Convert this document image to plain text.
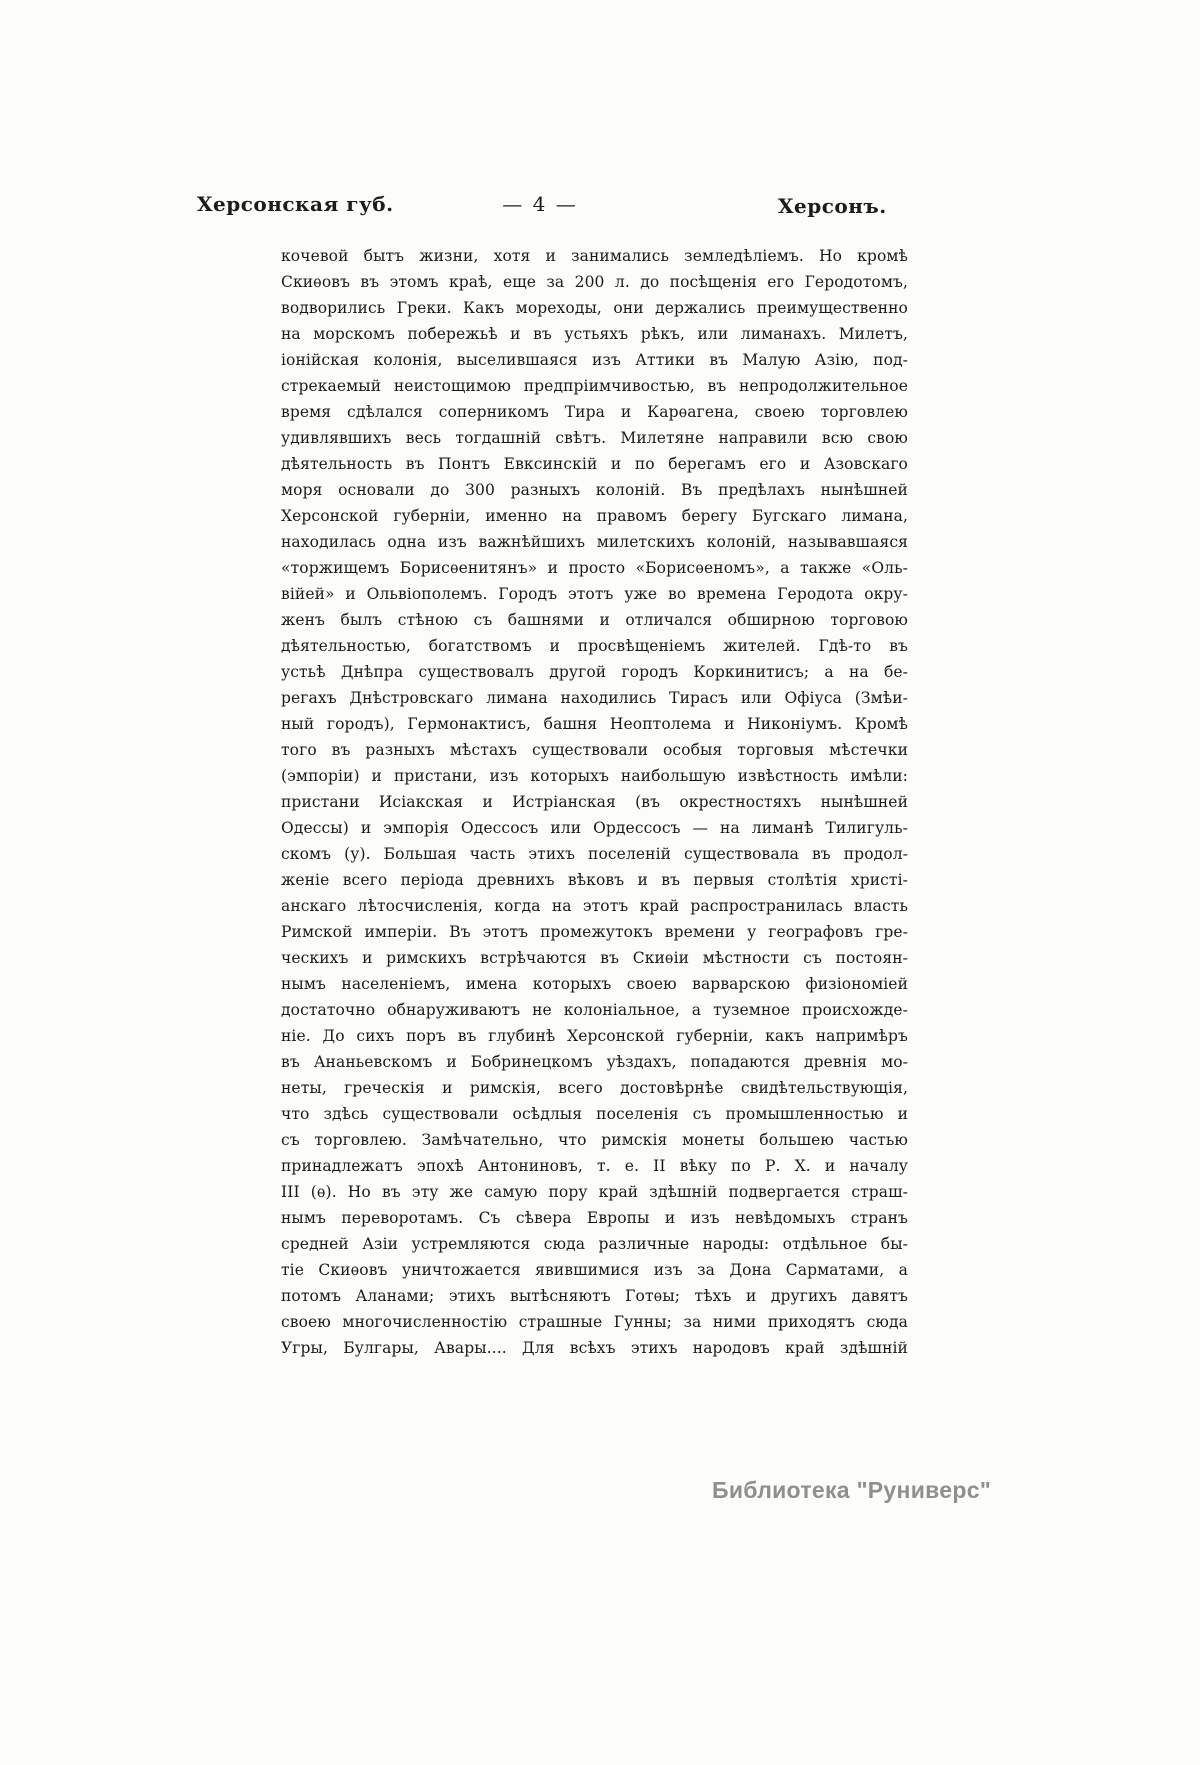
Херсонская губ.	— 4 —	Херсонъ.
кочевой бытъ жизни, хотя и занимались земледѣліемъ. Но кромѣ
Скиѳовъ въ этомъ краѣ, еще за 200 л. до посѣщенія его Геродотомъ,
водворились Греки. Какъ мореходы, они держались преимущественно
на морскомъ побережьѣ и въ устьяхъ рѣкъ, или лиманахъ. Милетъ,
іонійская колонія, выселившаяся изъ Аттики въ Малую Азію, под-
стрекаемый неистощимою предпріимчивостью, въ непродолжительное
время сдѣлался соперникомъ Тира и Карѳагена, своею торговлею
удивлявшихъ весь тогдашній свѣтъ. Милетяне направили всю свою
дѣятельность въ Понтъ Евксинскій и по берегамъ его и Азовскаго
моря основали до 300 разныхъ колоній. Въ предѣлахъ нынѣшней
Херсонской губерніи, именно на правомъ берегу Бугскаго лимана,
находилась одна изъ важнѣйшихъ милетскихъ колоній, называвшаяся
«торжищемъ Борисѳенитянъ» и просто «Борисѳеномъ», а также «Оль-
війей» и Ольвіополемъ. Городъ этотъ уже во времена Геродота окру-
женъ былъ стѣною съ башнями и отличался обширною торговою
дѣятельностью, богатствомъ и просвѣщеніемъ жителей. Гдѣ-то въ
устьѣ Днѣпра существовалъ другой городъ Коркинитисъ; а на бе-
регахъ Днѣстровскаго лимана находились Тирасъ или Офіуса (Змѣи-
ный городъ), Гермонактисъ, башня Неоптолема и Никоніумъ. Кромѣ
того въ разныхъ мѣстахъ существовали особыя торговыя мѣстечки
(эмпоріи) и пристани, изъ которыхъ наибольшую извѣстность имѣли:
пристани Исіакская и Истріанская (въ окрестностяхъ нынѣшней
Одессы) и эмпорія Одессосъ или Ордессосъ — на лиманѣ Тилигуль-
скомъ (у). Большая часть этихъ поселеній существовала въ продол-
женіе всего періода древнихъ вѣковъ и въ первыя столѣтія христі-
анскаго лѣтосчисленія, когда на этотъ край распространилась власть
Римской имперіи. Въ этотъ промежутокъ времени у географовъ гре-
ческихъ и римскихъ встрѣчаются въ Скиѳіи мѣстности съ постоян-
нымъ населеніемъ, имена которыхъ своею варварскою физіономіей
достаточно обнаруживаютъ не колоніальное, а туземное происхожде-
ніе. До сихъ поръ въ глубинѣ Херсонской губерніи, какъ напримѣръ
въ Ананьевскомъ и Бобринецкомъ уѣздахъ, попадаются древнія мо-
неты, греческія и римскія, всего достовѣрнѣе свидѣтельствующія,
что здѣсь существовали осѣдлыя поселенія съ промышленностью и
съ торговлею. Замѣчательно, что римскія монеты большею частью
принадлежатъ эпохѣ Антониновъ, т. е. II вѣку по Р. Х. и началу
III (ѳ). Но въ эту же самую пору край здѣшній подвергается страш-
нымъ переворотамъ. Съ сѣвера Европы и изъ невѣдомыхъ странъ
средней Азіи устремляются сюда различные народы: отдѣльное бы-
тіе Скиѳовъ уничтожается явившимися изъ за Дона Сарматами, а
потомъ Аланами; этихъ вытѣсняютъ Готѳы; тѣхъ и другихъ давятъ
своею многочисленностію страшные Гунны; за ними приходятъ сюда
Угры, Булгары, Авары.... Для всѣхъ этихъ народовъ край здѣшній
Библиотека "Руниверс"
